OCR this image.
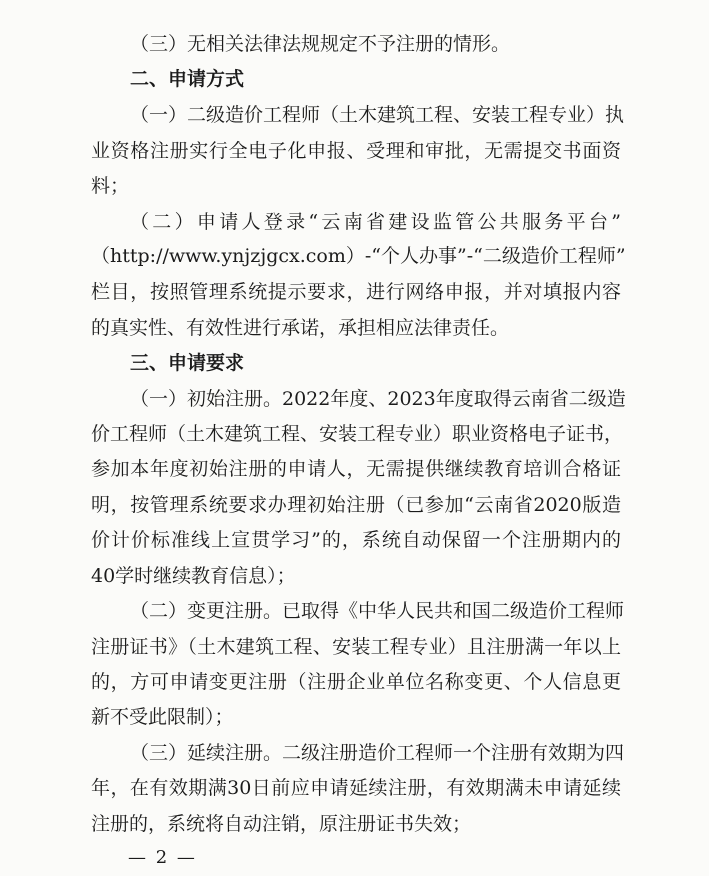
（三）无相关法律法规规定不予注册的情形。
二、申请方式
（一）二级造价工程师（土木建筑工程、安装工程专业）执
业资格注册实行全电子化申报、受理和审批，无需提交书面资
料；
（二）申请人登录“云南省建设监管公共服务平台”
（http://www.ynjzjgcx.com）-“个人办事”-“二级造价工程师”
栏目，按照管理系统提示要求，进行网络申报，并对填报内容
的真实性、有效性进行承诺，承担相应法律责任。
三、申请要求
（一）初始注册。2022年度、2023年度取得云南省二级造
价工程师（土木建筑工程、安装工程专业）职业资格电子证书，
参加本年度初始注册的申请人，无需提供继续教育培训合格证
明，按管理系统要求办理初始注册（已参加“云南省2020版造
价计价标准线上宣贯学习”的，系统自动保留一个注册期内的
40学时继续教育信息）；
（二）变更注册。已取得《中华人民共和国二级造价工程师
注册证书》（土木建筑工程、安装工程专业）且注册满一年以上
的，方可申请变更注册（注册企业单位名称变更、个人信息更
新不受此限制）；
（三）延续注册。二级注册造价工程师一个注册有效期为四
年，在有效期满30日前应申请延续注册，有效期满未申请延续
注册的，系统将自动注销，原注册证书失效；
— 2 —
